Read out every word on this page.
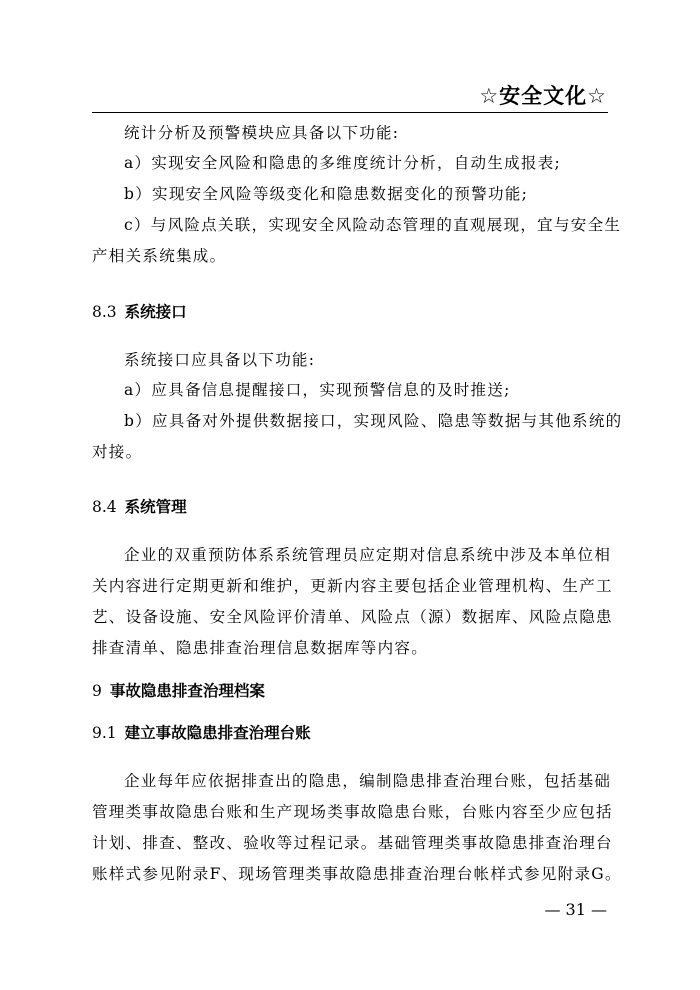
☆安全文化☆
统计分析及预警模块应具备以下功能:
a）实现安全风险和隐患的多维度统计分析，自动生成报表;
b）实现安全风险等级变化和隐患数据变化的预警功能;
c）与风险点关联，实现安全风险动态管理的直观展现，宜与安全生
产相关系统集成。
8.3 系统接口
系统接口应具备以下功能:
a）应具备信息提醒接口，实现预警信息的及时推送;
b）应具备对外提供数据接口，实现风险、隐患等数据与其他系统的
对接。
8.4 系统管理
企业的双重预防体系系统管理员应定期对信息系统中涉及本单位相
关内容进行定期更新和维护，更新内容主要包括企业管理机构、生产工
艺、设备设施、安全风险评价清单、风险点（源）数据库、风险点隐患
排查清单、隐患排查治理信息数据库等内容。
9 事故隐患排查治理档案
9.1 建立事故隐患排查治理台账
企业每年应依据排查出的隐患，编制隐患排查治理台账，包括基础
管理类事故隐患台账和生产现场类事故隐患台账，台账内容至少应包括
计划、排查、整改、验收等过程记录。基础管理类事故隐患排查治理台
账样式参见附录F、现场管理类事故隐患排查治理台帐样式参见附录G。
— 31 —
